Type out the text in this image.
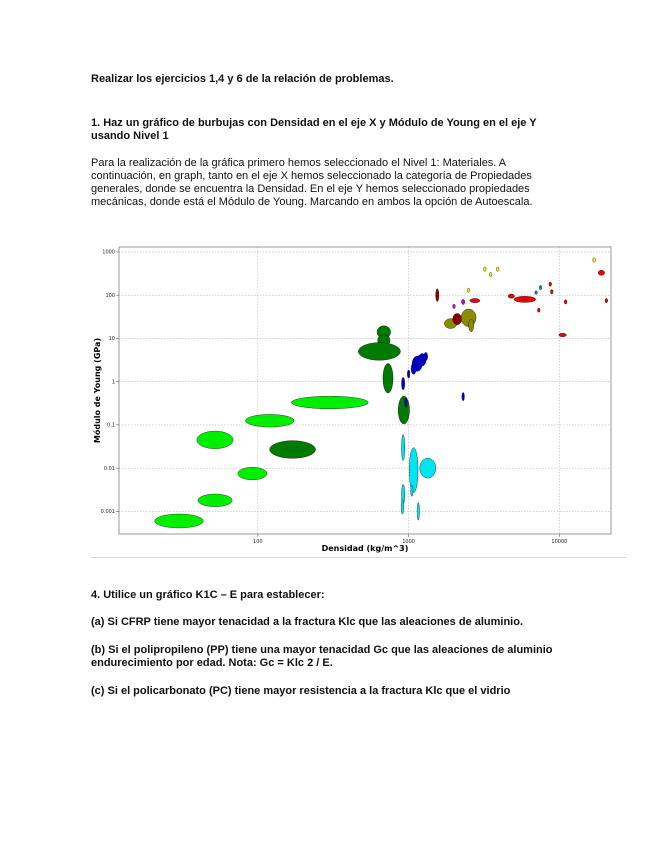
Realizar los ejercicios 1,4 y 6 de la relación de problemas.
1. Haz un gráfico de burbujas con Densidad en el eje X y Módulo de Young en el eje Y usando Nivel 1
Para la realización de la gráfica primero hemos seleccionado el Nivel 1: Materiales. A continuación, en graph, tanto en el eje X hemos seleccionado la categoría de Propiedades generales, donde se encuentra la Densidad. En el eje Y hemos seleccionado propiedades mecánicas, donde está el Módulo de Young. Marcando en ambos la opción de Autoescala.
100	1000	10000
0.001
0.01
0.1
1
10
100
1000
Densidad (kg/m^3)
Módulo de Young (GPa)
4. Utilice un gráfico K1C – E para establecer:
(a) Si CFRP tiene mayor tenacidad a la fractura Klc que las aleaciones de aluminio.
(b) Si el polipropileno (PP) tiene una mayor tenacidad Gc que las aleaciones de aluminio endurecimiento por edad. Nota: Gc = Klc 2 / E.
(c) Si el policarbonato (PC) tiene mayor resistencia a la fractura Klc que el vidrio
